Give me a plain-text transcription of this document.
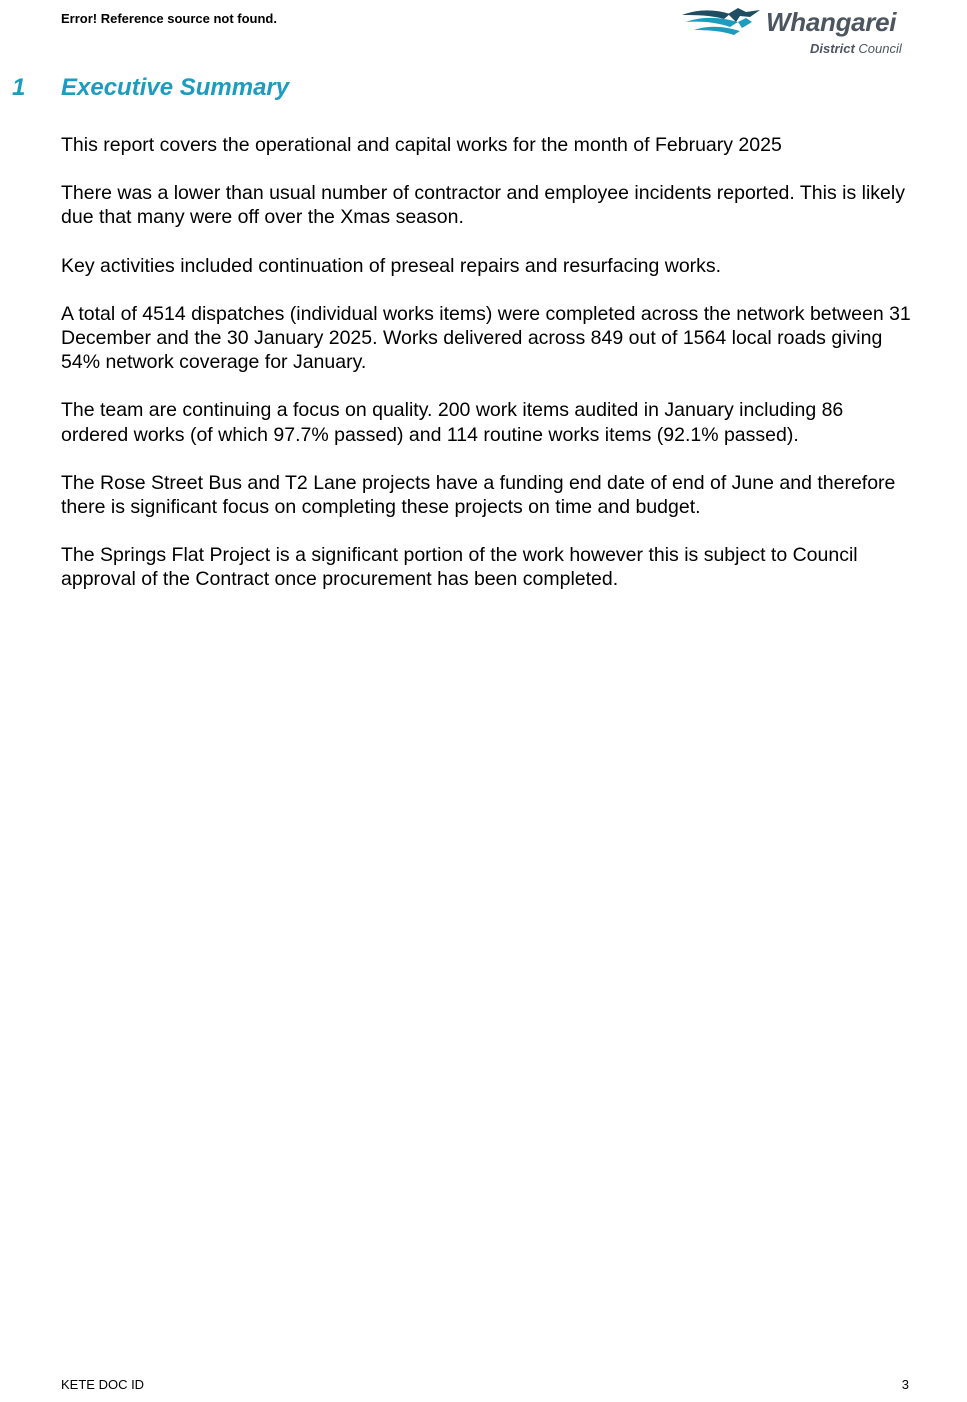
Error! Reference source not found.	Whangarei

District Council

1 Executive Summary

This report covers the operational and capital works for the month of February 2025

There was a lower than usual number of contractor and employee incidents reported. This is likely due that many were off over the Xmas season.

Key activities included continuation of preseal repairs and resurfacing works.

A total of 4514 dispatches (individual works items) were completed across the network between 31 December and the 30 January 2025. Works delivered across 849 out of 1564 local roads giving 54% network coverage for January.

The team are continuing a focus on quality. 200 work items audited in January including 86 ordered works (of which 97.7% passed) and 114 routine works items (92.1% passed).

The Rose Street Bus and T2 Lane projects have a funding end date of end of June and therefore there is significant focus on completing these projects on time and budget.

The Springs Flat Project is a significant portion of the work however this is subject to Council approval of the Contract once procurement has been completed.

KETE DOC ID	3
